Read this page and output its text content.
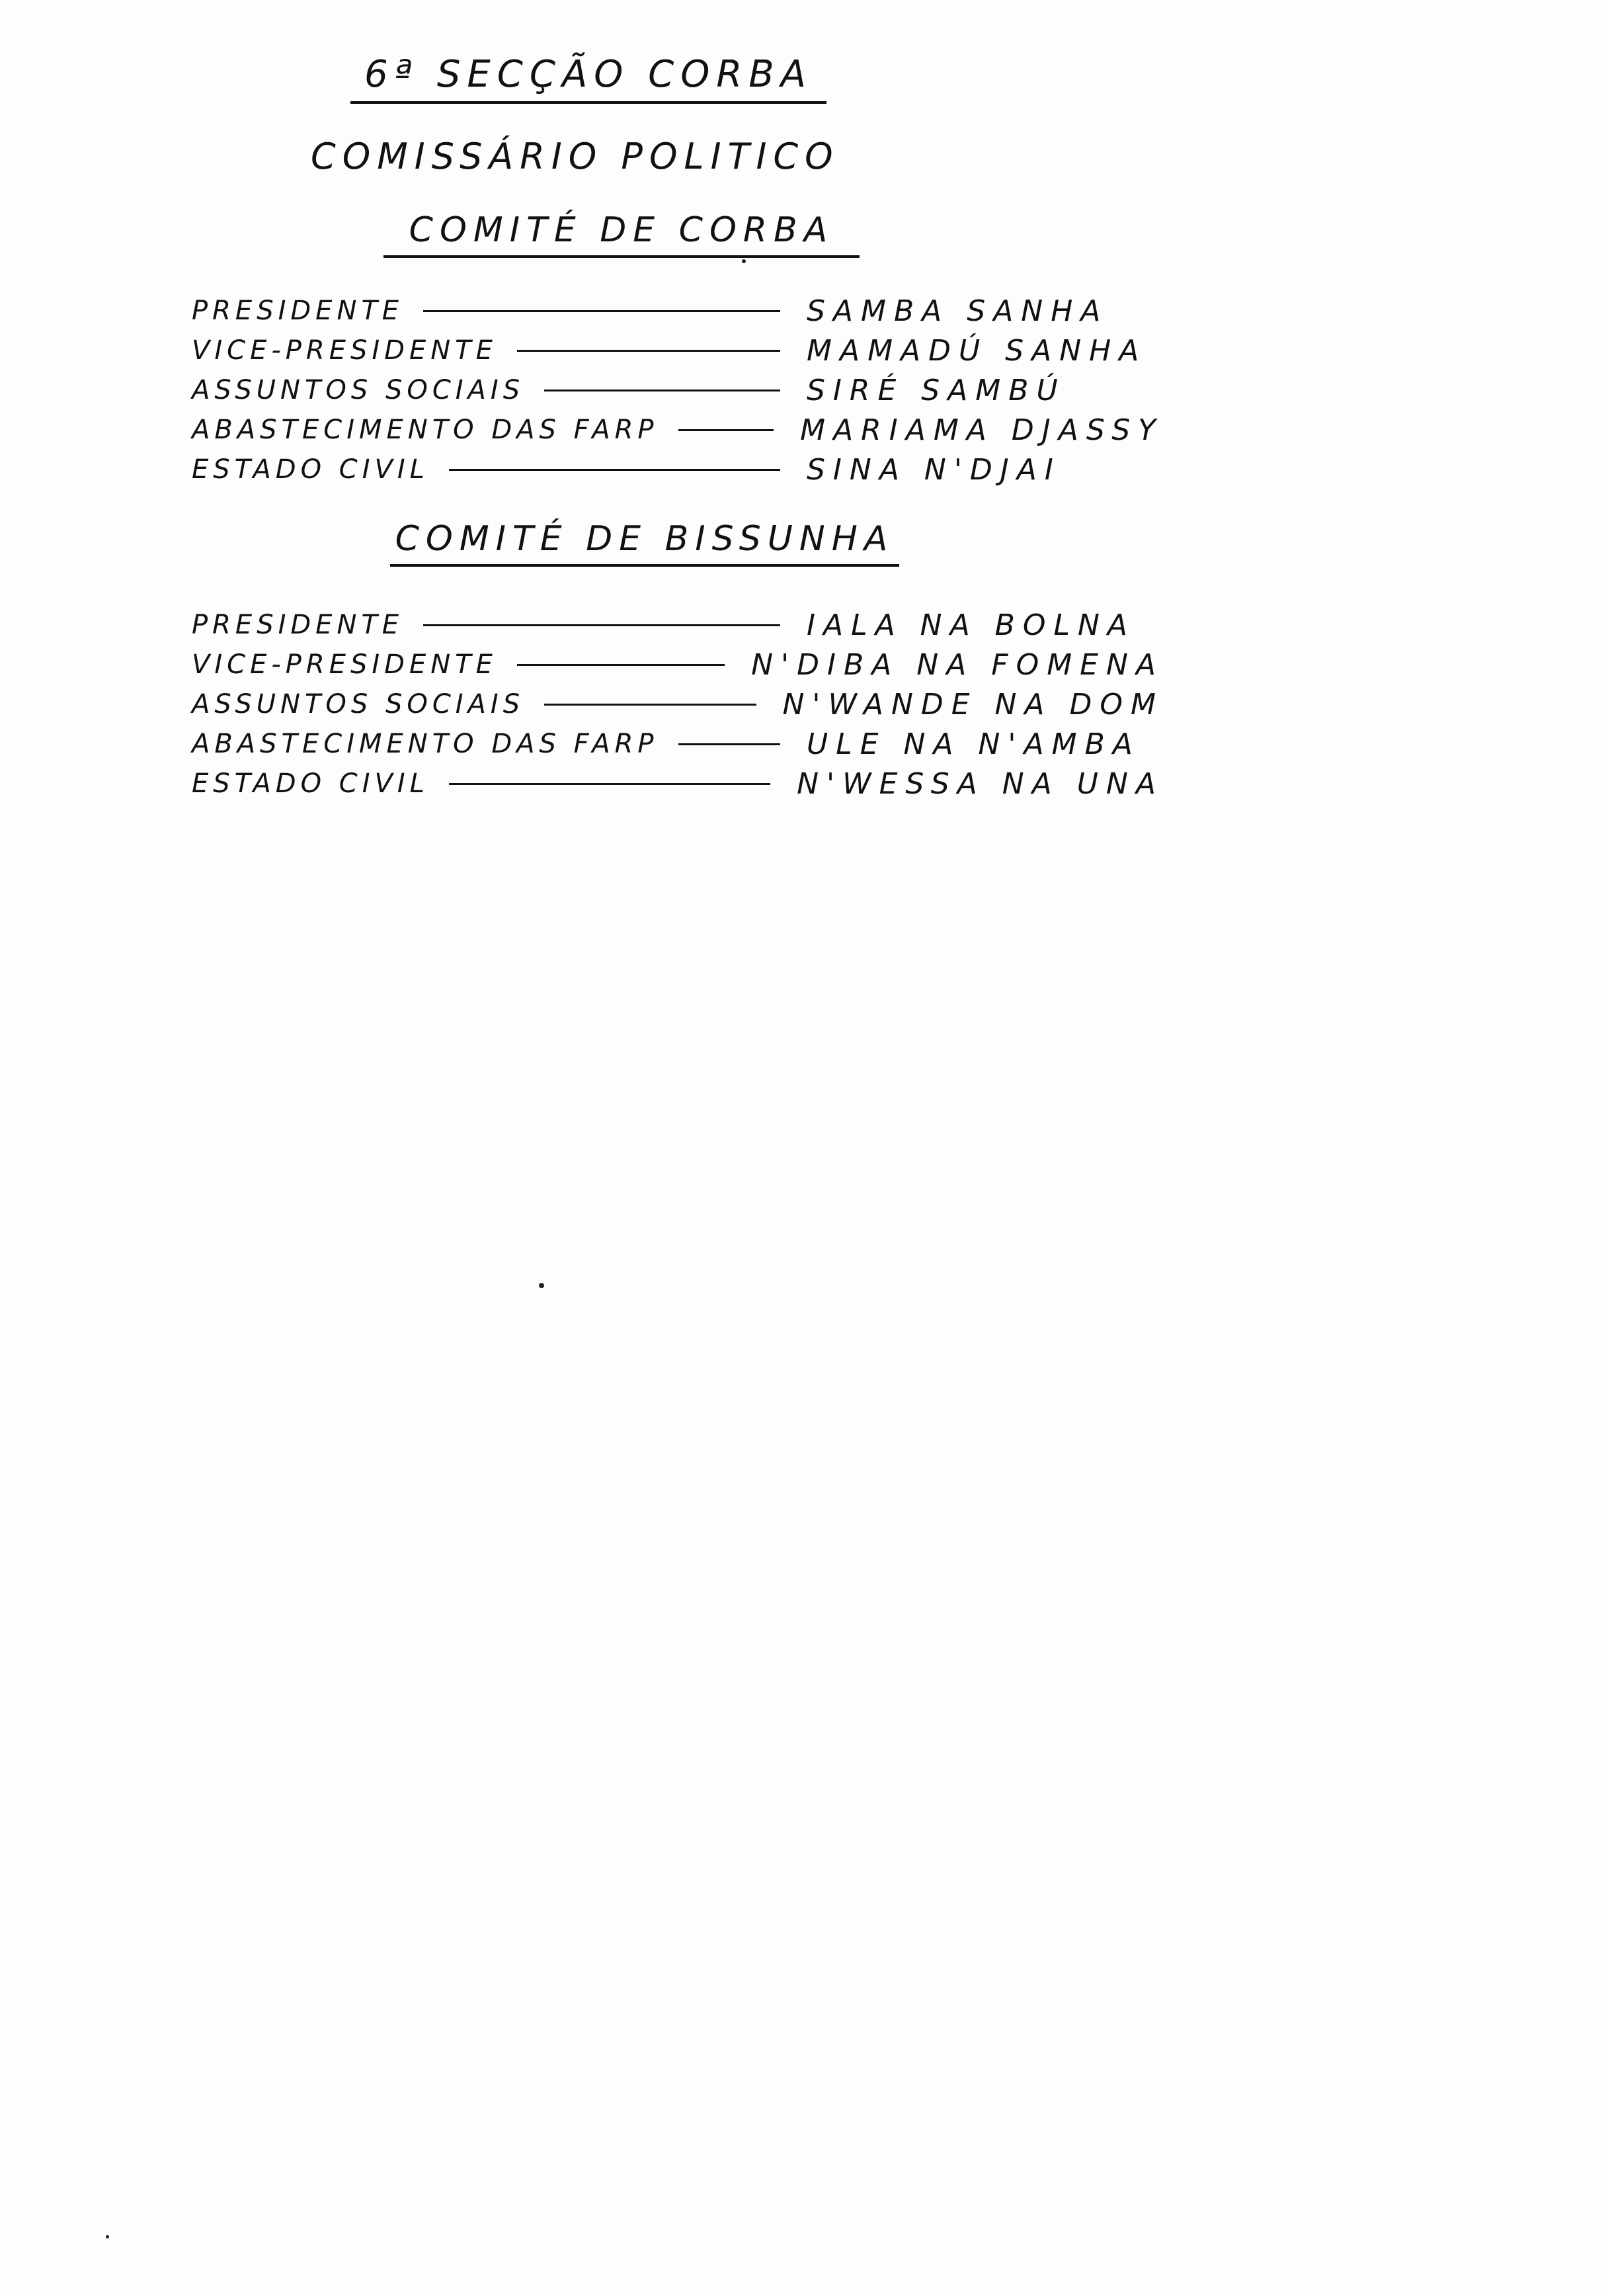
6ª SECÇÃO CORBA
COMISSÁRIO POLITICO
COMITÉ DE CORBA
PRESIDENTE	SAMBA SANHA
VICE-PRESIDENTE	MAMADÚ SANHA
ASSUNTOS SOCIAIS	SIRÉ SAMBÚ
ABASTECIMENTO DAS FARP	MARIAMA DJASSY
ESTADO CIVIL	SINA N'DJAI
COMITÉ DE BISSUNHA
PRESIDENTE	IALA NA BOLNA
VICE-PRESIDENTE	N'DIBA NA FOMENA
ASSUNTOS SOCIAIS	N'WANDE NA DOM
ABASTECIMENTO DAS FARP	ULE NA N'AMBA
ESTADO CIVIL	N'WESSA NA UNA
